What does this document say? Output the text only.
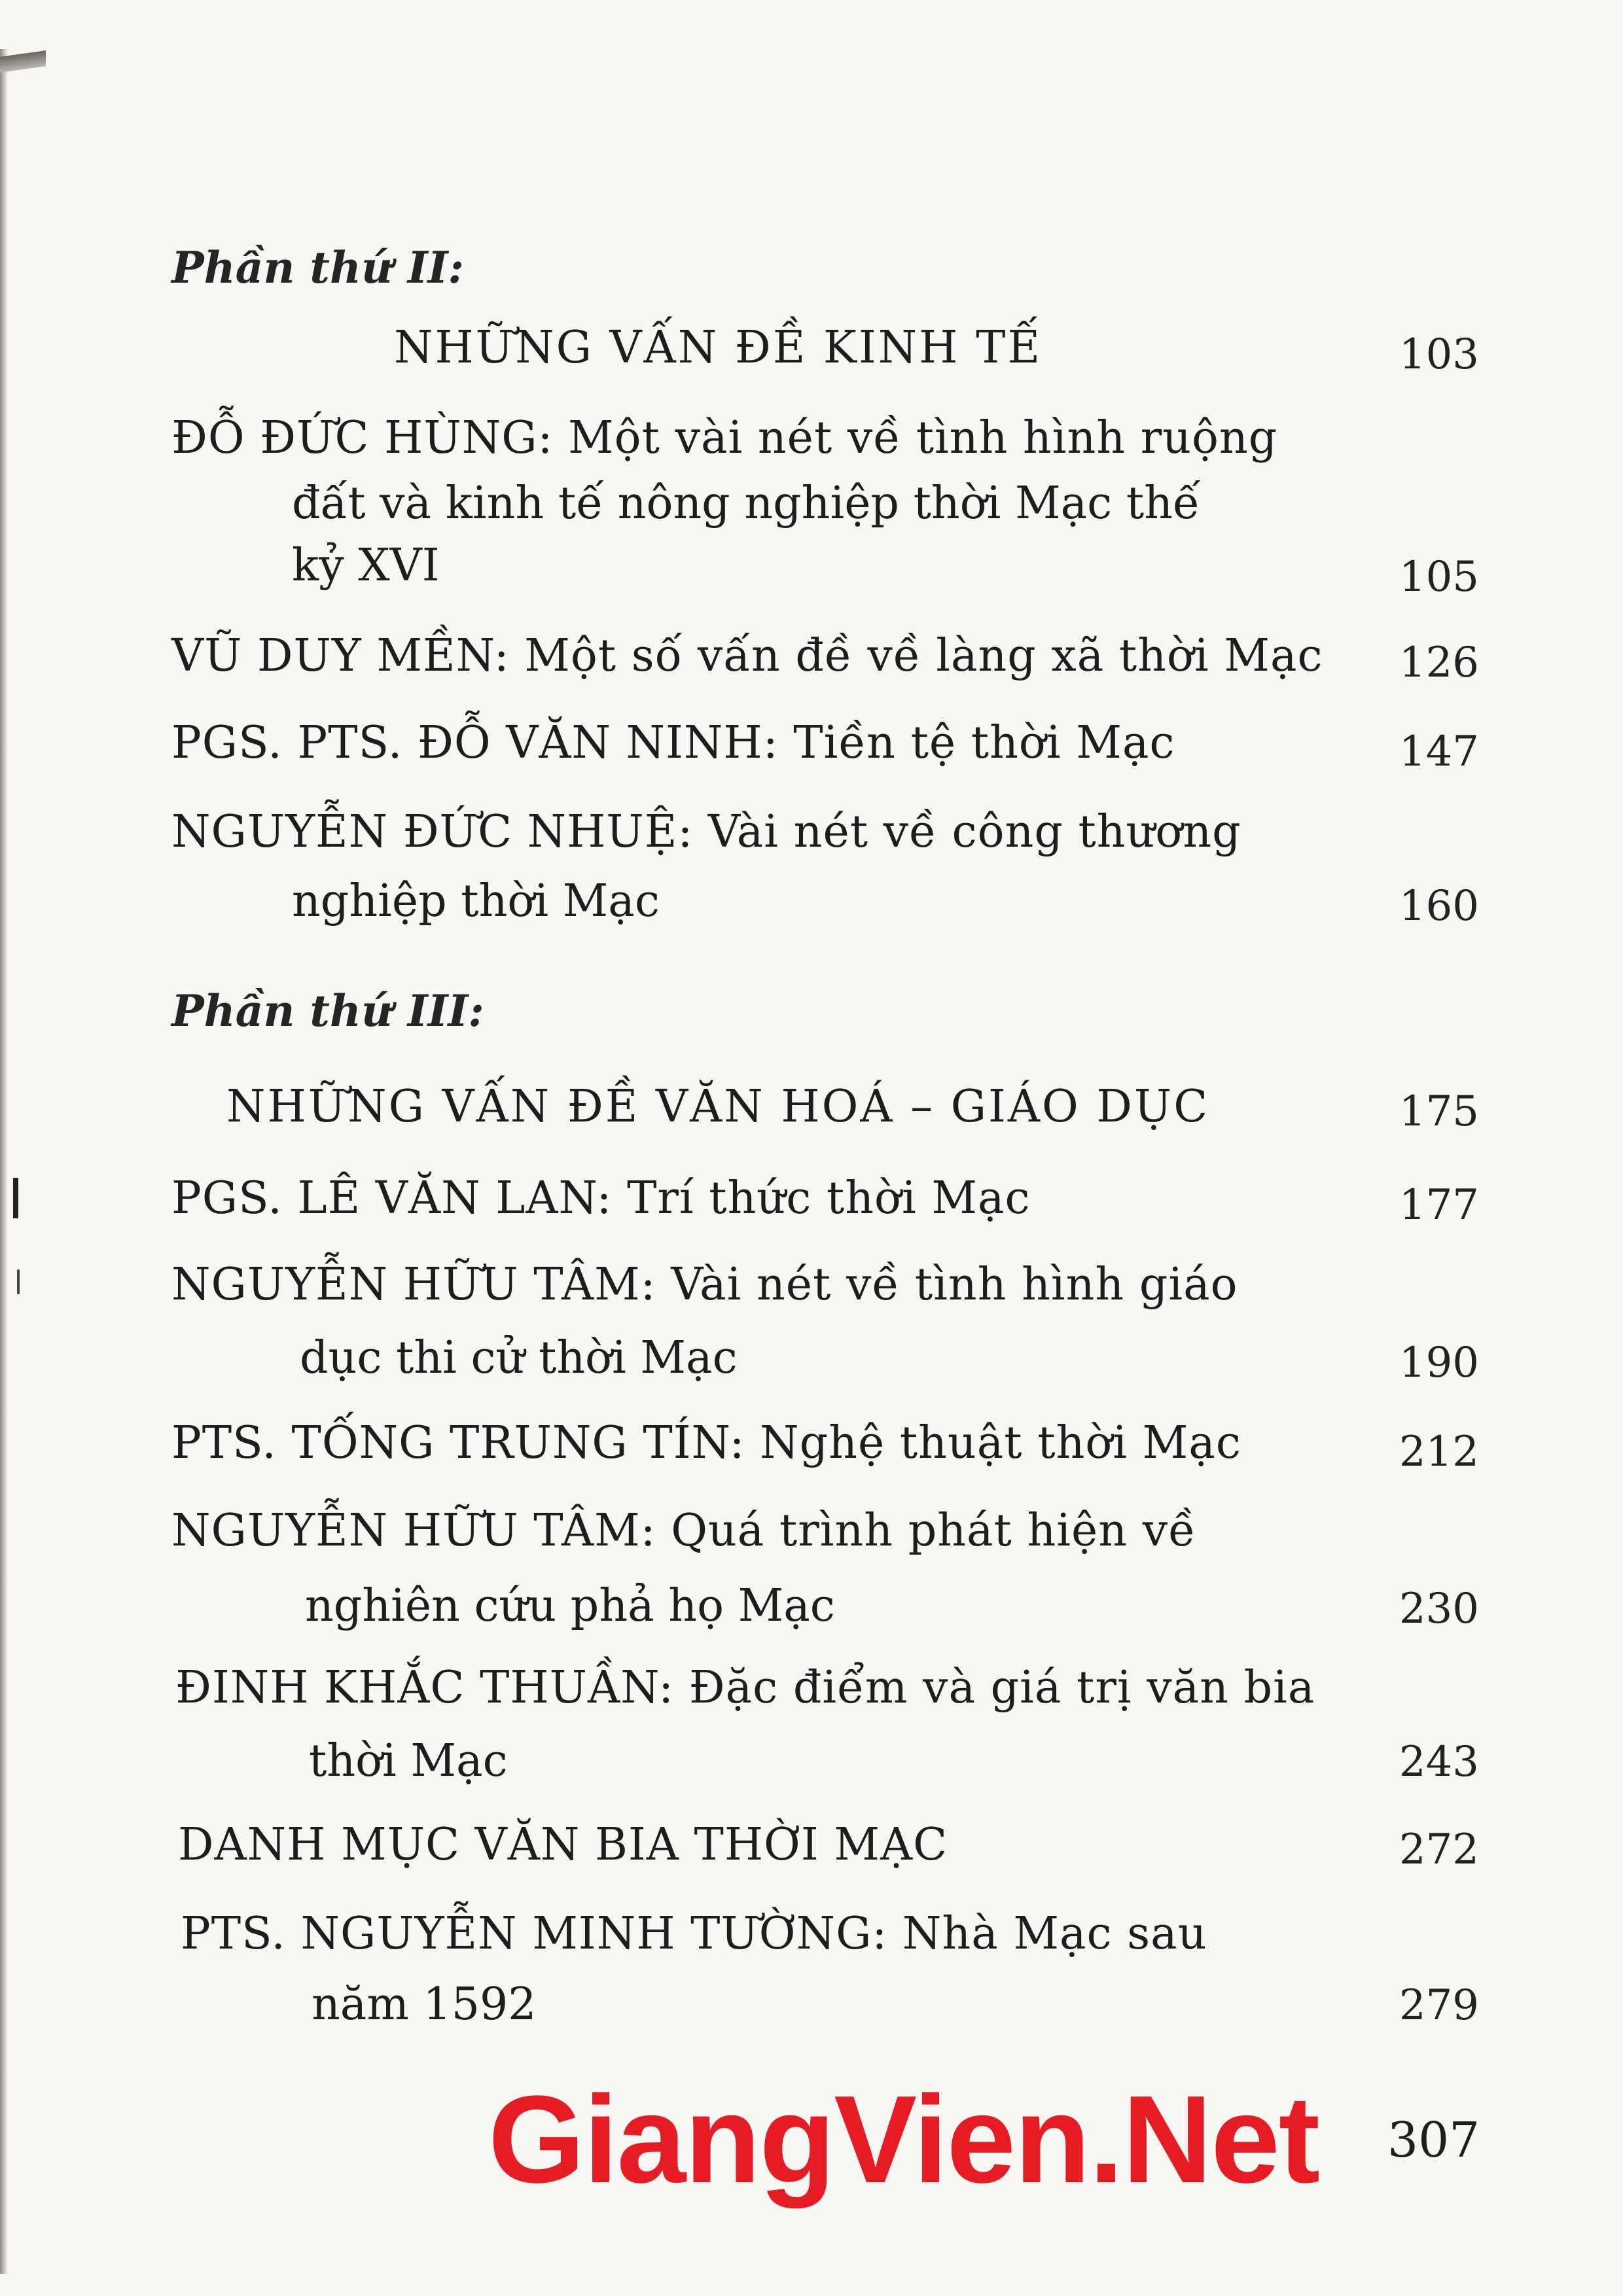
Phần thứ II:
NHỮNG VẤN ĐỀ KINH TẾ	103
ĐỖ ĐỨC HÙNG: Một vài nét về tình hình ruộng
đất và kinh tế nông nghiệp thời Mạc thế
kỷ XVI	105
VŨ DUY MỀN: Một số vấn đề về làng xã thời Mạc 126
PGS. PTS. ĐỖ VĂN NINH: Tiền tệ thời Mạc	147
NGUYỄN ĐỨC NHUỆ: Vài nét về công thương
nghiệp thời Mạc	160
Phần thứ III:
NHỮNG VẤN ĐỀ VĂN HOÁ – GIÁO DỤC	175
PGS. LÊ VĂN LAN: Trí thức thời Mạc	177
NGUYỄN HỮU TÂM: Vài nét về tình hình giáo
dục thi cử thời Mạc	190
PTS. TỐNG TRUNG TÍN: Nghệ thuật thời Mạc	212
NGUYỄN HỮU TÂM: Quá trình phát hiện về
nghiên cứu phả họ Mạc	230
ĐINH KHẮC THUẦN: Đặc điểm và giá trị văn bia
thời Mạc	243
DANH MỤC VĂN BIA THỜI MẠC	272
PTS. NGUYỄN MINH TƯỜNG: Nhà Mạc sau
năm 1592	279
GiangVien.Net 307
